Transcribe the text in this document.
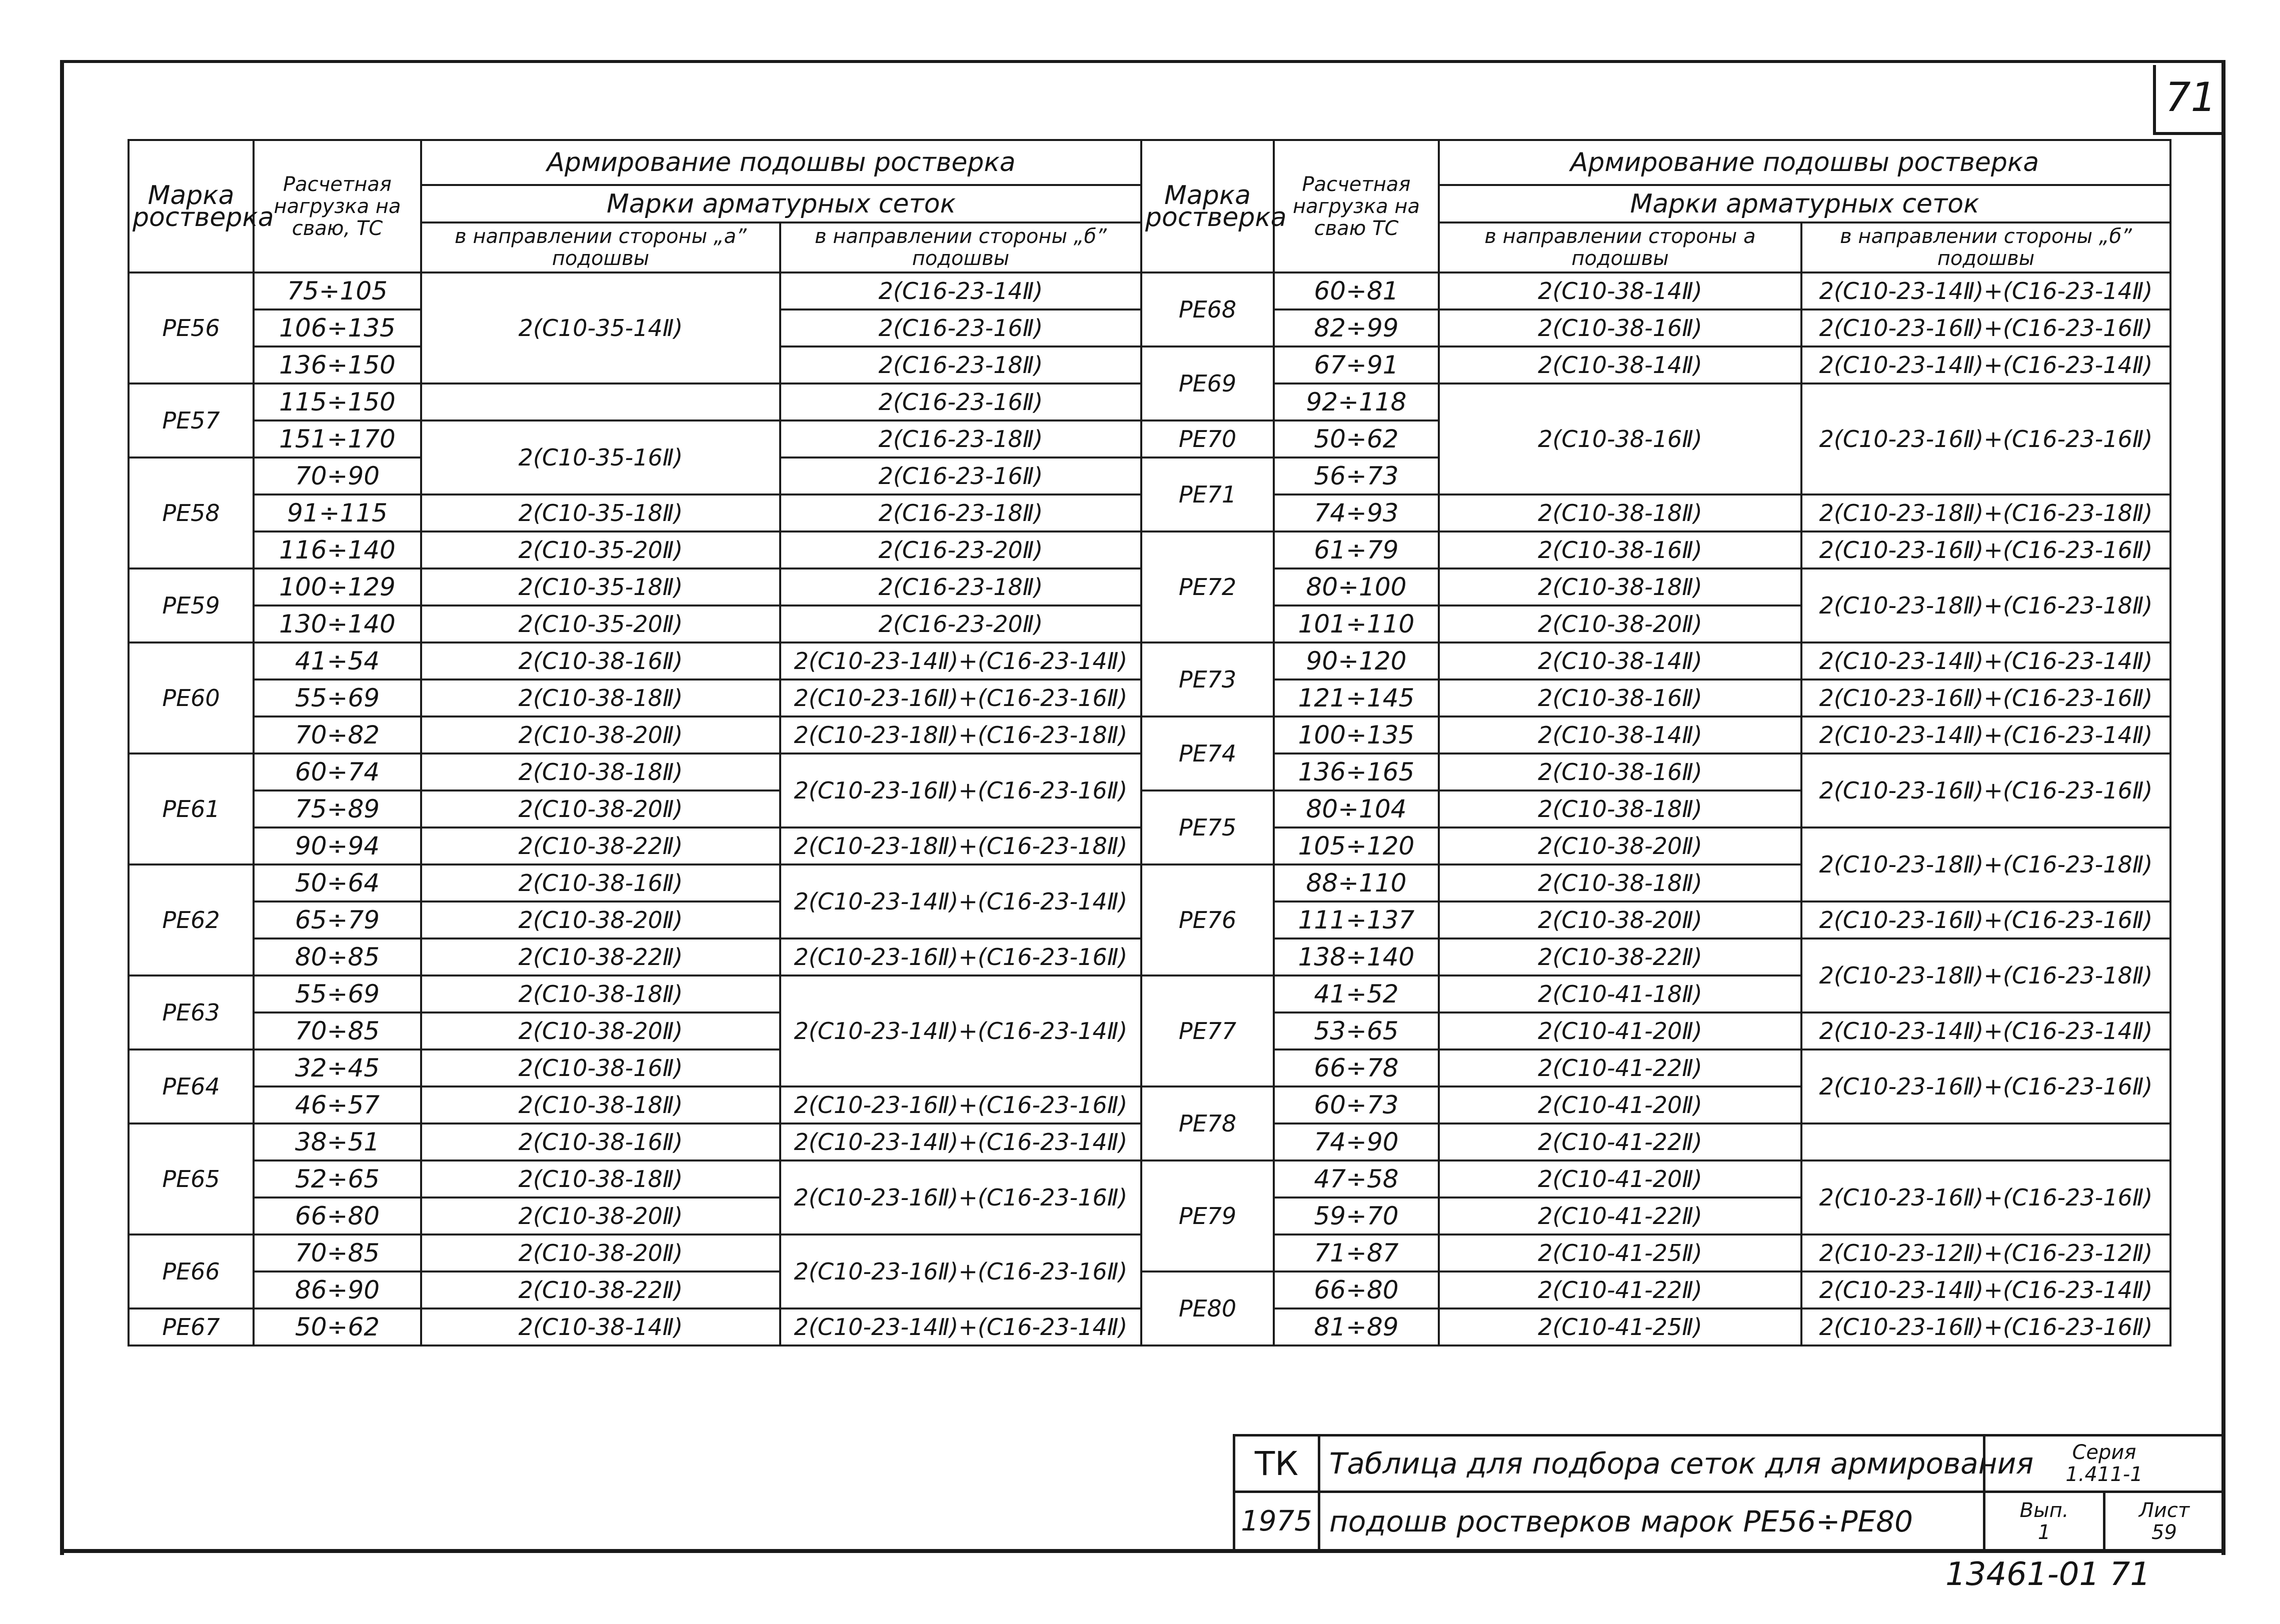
71
Марка ростверка	Расчетная нагрузка на сваю, ТС	Армирование подошвы ростверка	
		Марки арматурных сеток	
		в направлении стороны „a” подошвы	в направлении стороны „б” подошвы
PE56	75÷105	2(C10-35-14Ⅱ)	2(C16-23-14Ⅱ)
	106÷135		2(C16-23-16Ⅱ)
	136÷150		2(C16-23-18Ⅱ)
PE57	115÷150		2(C16-23-16Ⅱ)
	151÷170	2(C10-35-16Ⅱ)	2(C16-23-18Ⅱ)
PE58	70÷90		2(C16-23-16Ⅱ)
	91÷115	2(C10-35-18Ⅱ)	2(C16-23-18Ⅱ)
	116÷140	2(C10-35-20Ⅱ)	2(C16-23-20Ⅱ)
PE59	100÷129	2(C10-35-18Ⅱ)	2(C16-23-18Ⅱ)
	130÷140	2(C10-35-20Ⅱ)	2(C16-23-20Ⅱ)
PE60	41÷54	2(C10-38-16Ⅱ)	2(C10-23-14Ⅱ)+(C16-23-14Ⅱ)
	55÷69	2(C10-38-18Ⅱ)	2(C10-23-16Ⅱ)+(C16-23-16Ⅱ)
	70÷82	2(C10-38-20Ⅱ)	2(C10-23-18Ⅱ)+(C16-23-18Ⅱ)
PE61	60÷74	2(C10-38-18Ⅱ)	2(C10-23-16Ⅱ)+(C16-23-16Ⅱ)
	75÷89	2(C10-38-20Ⅱ)	
	90÷94	2(C10-38-22Ⅱ)	2(C10-23-18Ⅱ)+(C16-23-18Ⅱ)
PE62	50÷64	2(C10-38-16Ⅱ)	2(C10-23-14Ⅱ)+(C16-23-14Ⅱ)
	65÷79	2(C10-38-20Ⅱ)	
	80÷85	2(C10-38-22Ⅱ)	2(C10-23-16Ⅱ)+(C16-23-16Ⅱ)
PE63	55÷69	2(C10-38-18Ⅱ)	2(C10-23-14Ⅱ)+(C16-23-14Ⅱ)
	70÷85	2(C10-38-20Ⅱ)	
PE64	32÷45	2(C10-38-16Ⅱ)	
	46÷57	2(C10-38-18Ⅱ)	2(C10-23-16Ⅱ)+(C16-23-16Ⅱ)
PE65	38÷51	2(C10-38-16Ⅱ)	2(C10-23-14Ⅱ)+(C16-23-14Ⅱ)
	52÷65	2(C10-38-18Ⅱ)	2(C10-23-16Ⅱ)+(C16-23-16Ⅱ)
	66÷80	2(C10-38-20Ⅱ)	
PE66	70÷85	2(C10-38-20Ⅱ)	2(C10-23-16Ⅱ)+(C16-23-16Ⅱ)
	86÷90	2(C10-38-22Ⅱ)	
PE67	50÷62	2(C10-38-14Ⅱ)	2(C10-23-14Ⅱ)+(C16-23-14Ⅱ)
Марка ростверка	Расчетная нагрузка на сваю ТС	Армирование подошвы ростверка	
		Марки арматурных сеток	
		в направлении стороны a подошвы	в направлении стороны „б” подошвы
PE68	60÷81	2(C10-38-14Ⅱ)	2(C10-23-14Ⅱ)+(C16-23-14Ⅱ)
	82÷99	2(C10-38-16Ⅱ)	2(C10-23-16Ⅱ)+(C16-23-16Ⅱ)
PE69	67÷91	2(C10-38-14Ⅱ)	2(C10-23-14Ⅱ)+(C16-23-14Ⅱ)
	92÷118	2(C10-38-16Ⅱ)	2(C10-23-16Ⅱ)+(C16-23-16Ⅱ)
PE70	50÷62		
PE71	56÷73		
	74÷93	2(C10-38-18Ⅱ)	2(C10-23-18Ⅱ)+(C16-23-18Ⅱ)
PE72	61÷79	2(C10-38-16Ⅱ)	2(C10-23-16Ⅱ)+(C16-23-16Ⅱ)
	80÷100	2(C10-38-18Ⅱ)	2(C10-23-18Ⅱ)+(C16-23-18Ⅱ)
	101÷110	2(C10-38-20Ⅱ)	
PE73	90÷120	2(C10-38-14Ⅱ)	2(C10-23-14Ⅱ)+(C16-23-14Ⅱ)
	121÷145	2(C10-38-16Ⅱ)	2(C10-23-16Ⅱ)+(C16-23-16Ⅱ)
PE74	100÷135	2(C10-38-14Ⅱ)	2(C10-23-14Ⅱ)+(C16-23-14Ⅱ)
	136÷165	2(C10-38-16Ⅱ)	2(C10-23-16Ⅱ)+(C16-23-16Ⅱ)
PE75	80÷104	2(C10-38-18Ⅱ)	
	105÷120	2(C10-38-20Ⅱ)	2(C10-23-18Ⅱ)+(C16-23-18Ⅱ)
PE76	88÷110	2(C10-38-18Ⅱ)	
	111÷137	2(C10-38-20Ⅱ)	2(C10-23-16Ⅱ)+(C16-23-16Ⅱ)
	138÷140	2(C10-38-22Ⅱ)	2(C10-23-18Ⅱ)+(C16-23-18Ⅱ)
PE77	41÷52	2(C10-41-18Ⅱ)	
	53÷65	2(C10-41-20Ⅱ)	2(C10-23-14Ⅱ)+(C16-23-14Ⅱ)
	66÷78	2(C10-41-22Ⅱ)	2(C10-23-16Ⅱ)+(C16-23-16Ⅱ)
PE78	60÷73	2(C10-41-20Ⅱ)	
	74÷90	2(C10-41-22Ⅱ)	
PE79	47÷58	2(C10-41-20Ⅱ)	2(C10-23-16Ⅱ)+(C16-23-16Ⅱ)
	59÷70	2(C10-41-22Ⅱ)	
	71÷87	2(C10-41-25Ⅱ)	2(C10-23-12Ⅱ)+(C16-23-12Ⅱ)
PE80	66÷80	2(C10-41-22Ⅱ)	2(C10-23-14Ⅱ)+(C16-23-14Ⅱ)
	81÷89	2(C10-41-25Ⅱ)	2(C10-23-16Ⅱ)+(C16-23-16Ⅱ)
ТК
1975
Таблица для подбора сеток для армирования
подошв ростверков марок PE56÷PE80
Серия
1.411-1
Вып.
1
Лист
59
13461-01 71
